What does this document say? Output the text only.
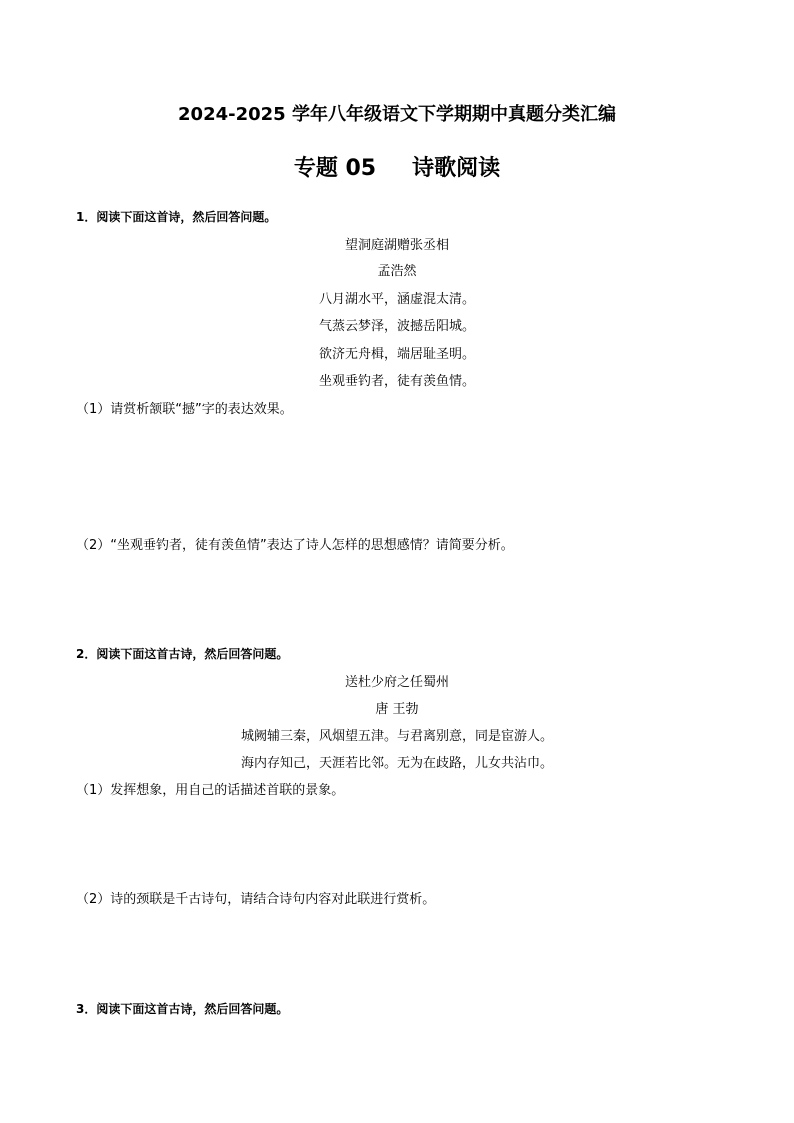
2024-2025 学年八年级语文下学期期中真题分类汇编
专题 05 诗歌阅读
1．阅读下面这首诗，然后回答问题。
望洞庭湖赠张丞相
孟浩然
八月湖水平，涵虚混太清。
气蒸云梦泽，波撼岳阳城。
欲济无舟楫，端居耻圣明。
坐观垂钓者，徒有羡鱼情。
（1）请赏析颔联“撼”字的表达效果。
（2）“坐观垂钓者，徒有羡鱼情”表达了诗人怎样的思想感情？请简要分析。
2．阅读下面这首古诗，然后回答问题。
送杜少府之任蜀州
唐 王勃
城阙辅三秦，风烟望五津。与君离别意，同是宦游人。
海内存知己，天涯若比邻。无为在歧路，儿女共沾巾。
（1）发挥想象，用自己的话描述首联的景象。
（2）诗的颈联是千古诗句，请结合诗句内容对此联进行赏析。
3．阅读下面这首古诗，然后回答问题。
